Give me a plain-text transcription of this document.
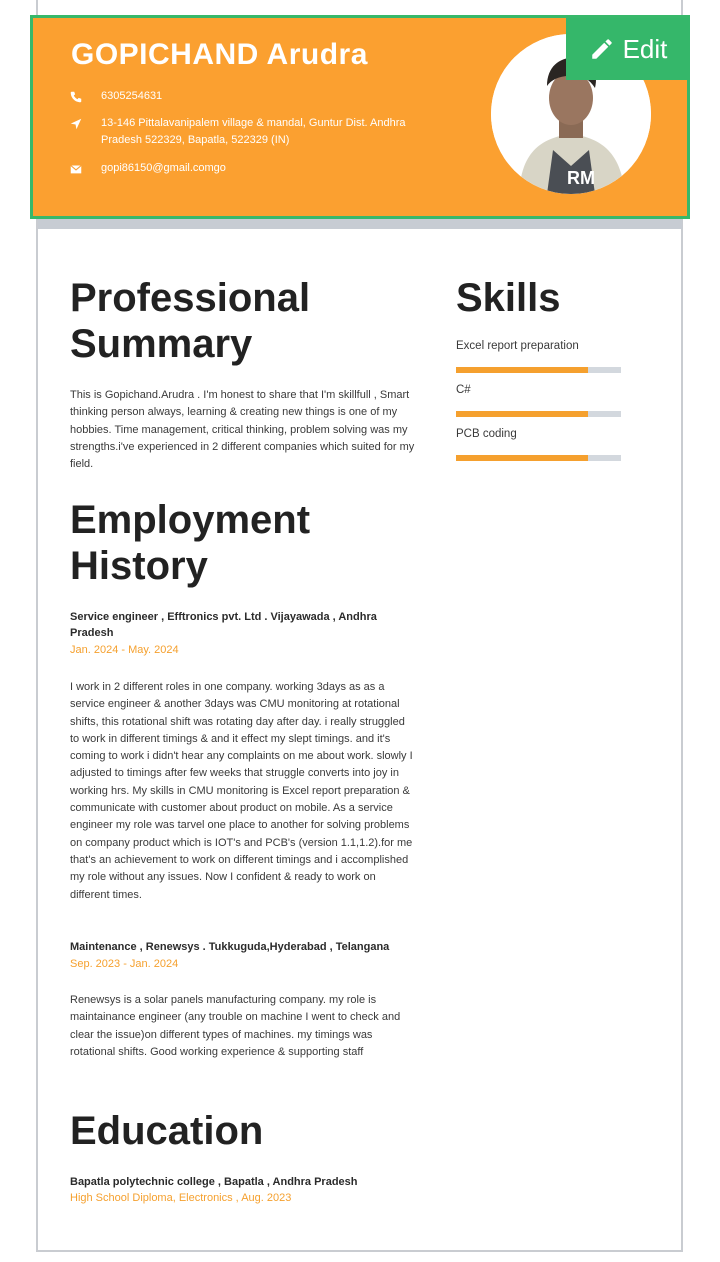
GOPICHAND Arudra
6305254631
13-146 Pittalavanipalem village & mandal, Guntur Dist. Andhra Pradesh 522329, Bapatla, 522329 (IN)
gopi86150@gmail.comgo	RM
Edit
Professional Summary
This is Gopichand.Arudra . I'm honest to share that I'm skillfull , Smart thinking person always, learning & creating new things is one of my hobbies. Time management, critical thinking, problem solving was my strengths.i've experienced in 2 different companies which suited for my field.
Skills
Excel report preparation
C#
PCB coding
Employment History
Service engineer , Efftronics pvt. Ltd . Vijayawada , Andhra Pradesh
Jan. 2024 - May. 2024
I work in 2 different roles in one company. working 3days as as a service engineer & another 3days was CMU monitoring at rotational shifts, this rotational shift was rotating day after day. i really struggled to work in different timings & and it effect my slept timings. and it's coming to work i didn't hear any complaints on me about work. slowly I adjusted to timings after few weeks that struggle converts into joy in working hrs. My skills in CMU monitoring is Excel report preparation & communicate with customer about product on mobile. As a service engineer my role was tarvel one place to another for solving problems on company product which is IOT's and PCB's (version 1.1,1.2).for me that's an achievement to work on different timings and i accomplished my role without any issues. Now I confident & ready to work on different times.
Maintenance , Renewsys . Tukkuguda,Hyderabad , Telangana
Sep. 2023 - Jan. 2024
Renewsys is a solar panels manufacturing company. my role is maintainance engineer (any trouble on machine I went to check and clear the issue)on different types of machines. my timings was rotational shifts. Good working experience & supporting staff
Education
Bapatla polytechnic college , Bapatla , Andhra Pradesh
High School Diploma, Electronics , Aug. 2023
